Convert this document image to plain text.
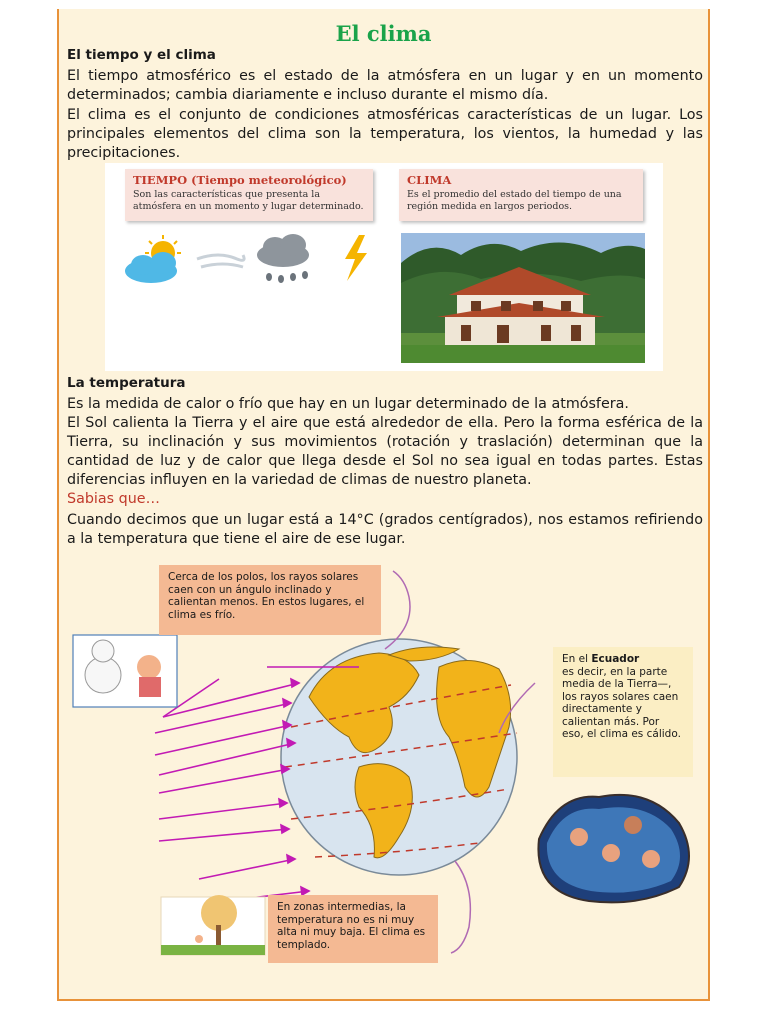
El clima
El tiempo y el clima
El tiempo atmosférico es el estado de la atmósfera en un lugar y en un momento determinados; cambia diariamente e incluso durante el mismo día.
El clima es el conjunto de condiciones atmosféricas características de un lugar. Los principales elementos del clima son la temperatura, los vientos, la humedad y las precipitaciones.
TIEMPO (Tiempo meteorológico)
Son las características que presenta la atmósfera en un momento y lugar determinado.
CLIMA
Es el promedio del estado del tiempo de una región medida en largos periodos.
La temperatura
Es la medida de calor o frío que hay en un lugar determinado de la atmósfera.
El Sol calienta la Tierra y el aire que está alrededor de ella. Pero la forma esférica de la Tierra, su inclinación y sus movimientos (rotación y traslación) determinan que la cantidad de luz y de calor que llega desde el Sol no sea igual en todas partes. Estas diferencias influyen en la variedad de climas de nuestro planeta.
Sabias que…
Cuando decimos que un lugar está a 14°C (grados centígrados), nos estamos refiriendo a la temperatura que tiene el aire de ese lugar.
Cerca de los polos, los rayos solares caen con un ángulo inclinado y calientan menos. En estos lugares, el clima es frío.
En el Ecuador
es decir, en la parte media de la Tierra—, los rayos solares caen directamente y calientan más. Por eso, el clima es cálido.
En zonas intermedias, la temperatura no es ni muy alta ni muy baja. El clima es templado.
